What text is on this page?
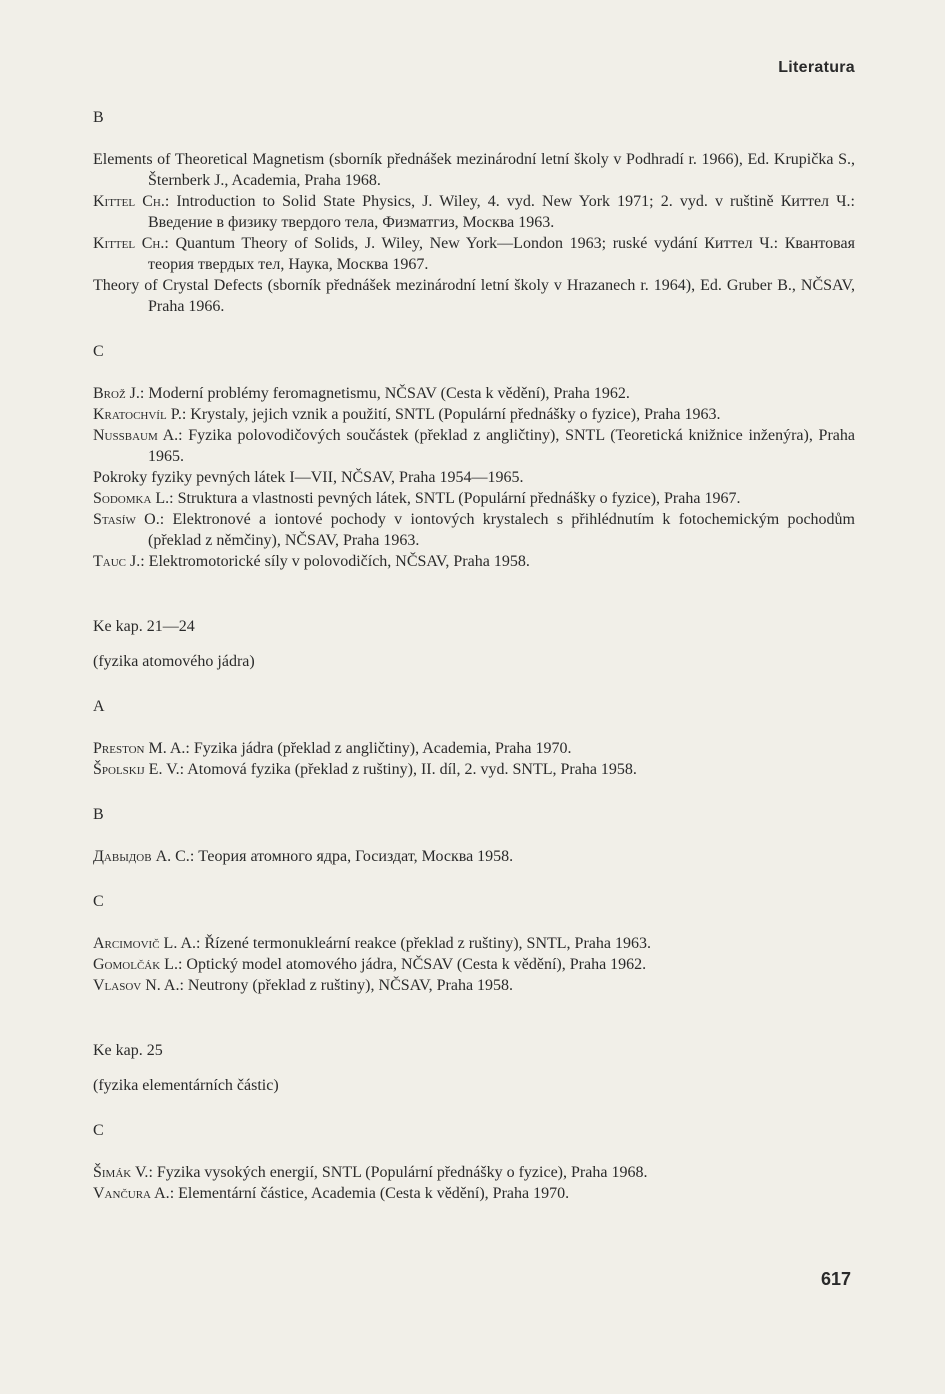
Literatura

B

Elements of Theoretical Magnetism (sborník přednášek mezinárodní letní školy v Podhradí r. 1966), Ed. Krupička S., Šternberk J., Academia, Praha 1968.

Kittel Ch.: Introduction to Solid State Physics, J. Wiley, 4. vyd. New York 1971; 2. vyd. v ruštině Киттел Ч.: Введение в физику твердого тела, Физматгиз, Москва 1963.

Kittel Ch.: Quantum Theory of Solids, J. Wiley, New York—London 1963; ruské vydání Киттел Ч.: Квантовая теория твердых тел, Наука, Москва 1967.

Theory of Crystal Defects (sborník přednášek mezinárodní letní školy v Hrazanech r. 1964), Ed. Gruber B., NČSAV, Praha 1966.

C

Brož J.: Moderní problémy feromagnetismu, NČSAV (Cesta k vědění), Praha 1962.

Kratochvíl P.: Krystaly, jejich vznik a použití, SNTL (Populární přednášky o fyzice), Praha 1963.

Nussbaum A.: Fyzika polovodičových součástek (překlad z angličtiny), SNTL (Teoretická knižnice inženýra), Praha 1965.

Pokroky fyziky pevných látek I—VII, NČSAV, Praha 1954—1965.

Sodomka L.: Struktura a vlastnosti pevných látek, SNTL (Populární přednášky o fyzice), Praha 1967.

Stasíw O.: Elektronové a iontové pochody v iontových krystalech s přihlédnutím k fotochemickým pochodům (překlad z němčiny), NČSAV, Praha 1963.

Tauc J.: Elektromotorické síly v polovodičích, NČSAV, Praha 1958.

Ke kap. 21—24

(fyzika atomového jádra)

A

Preston M. A.: Fyzika jádra (překlad z angličtiny), Academia, Praha 1970.

Špolskij E. V.: Atomová fyzika (překlad z ruštiny), II. díl, 2. vyd. SNTL, Praha 1958.

B

Давыдов А. С.: Теория атомного ядра, Госиздат, Москва 1958.

C

Arcimovič L. A.: Řízené termonukleární reakce (překlad z ruštiny), SNTL, Praha 1963.

Gomolčák L.: Optický model atomového jádra, NČSAV (Cesta k vědění), Praha 1962.

Vlasov N. A.: Neutrony (překlad z ruštiny), NČSAV, Praha 1958.

Ke kap. 25

(fyzika elementárních částic)

C

Šimák V.: Fyzika vysokých energií, SNTL (Populární přednášky o fyzice), Praha 1968.

Vančura A.: Elementární částice, Academia (Cesta k vědění), Praha 1970.

617
